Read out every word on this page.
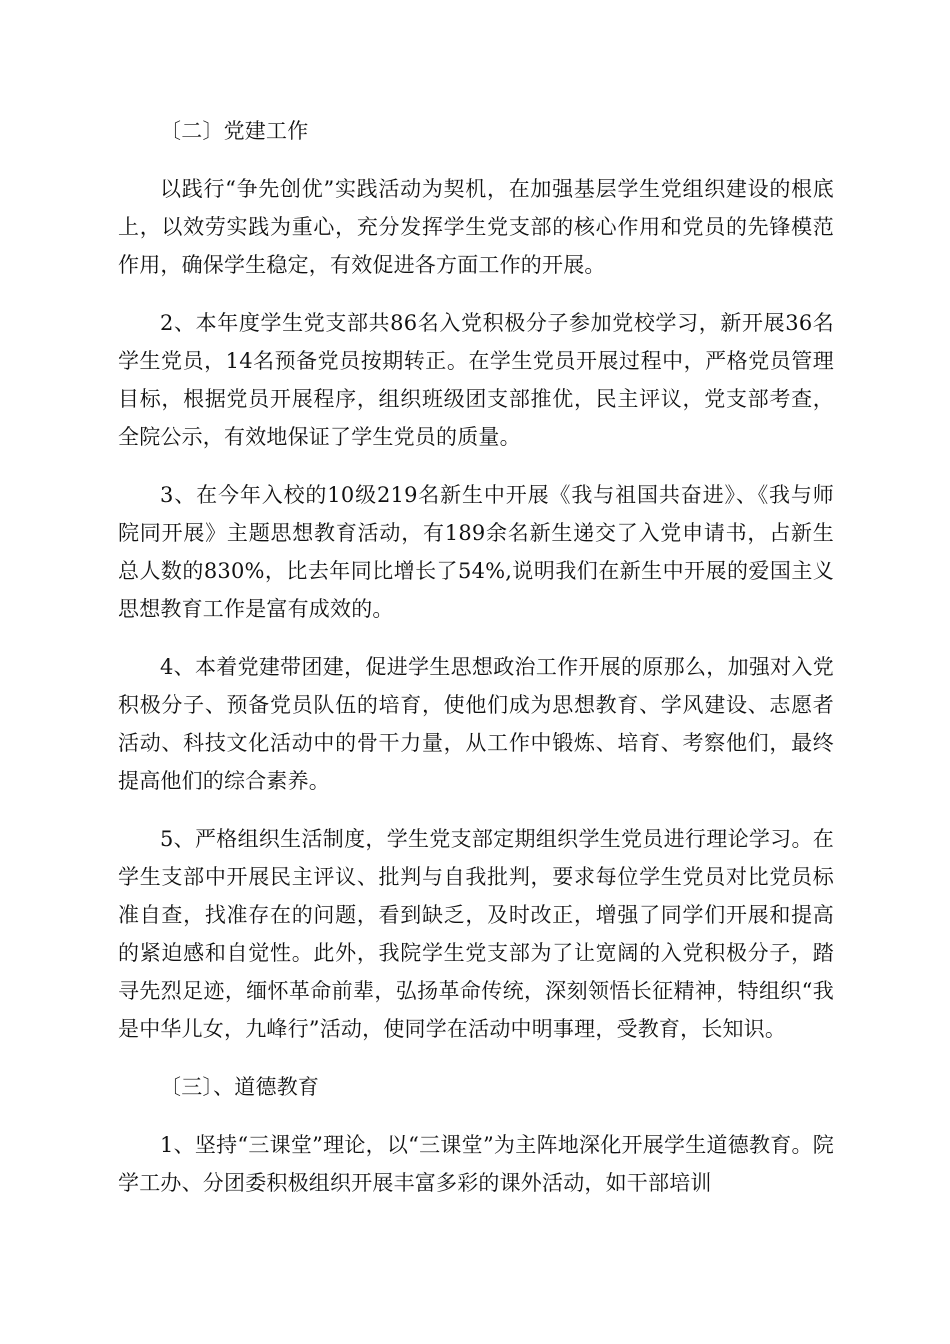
〔二〕党建工作

以践行“争先创优”实践活动为契机，在加强基层学生党组织建设的根底上，以效劳实践为重心，充分发挥学生党支部的核心作用和党员的先锋模范作用，确保学生稳定，有效促进各方面工作的开展。

2、本年度学生党支部共86名入党积极分子参加党校学习，新开展36名学生党员，14名预备党员按期转正。在学生党员开展过程中，严格党员管理目标，根据党员开展程序，组织班级团支部推优，民主评议，党支部考查，全院公示，有效地保证了学生党员的质量。

3、在今年入校的10级219名新生中开展《我与祖国共奋进》、《我与师院同开展》主题思想教育活动，有189余名新生递交了入党申请书，占新生总人数的830%，比去年同比增长了54%,说明我们在新生中开展的爱国主义思想教育工作是富有成效的。

4、本着党建带团建，促进学生思想政治工作开展的原那么，加强对入党积极分子、预备党员队伍的培育，使他们成为思想教育、学风建设、志愿者活动、科技文化活动中的骨干力量，从工作中锻炼、培育、考察他们，最终提高他们的综合素养。

5、严格组织生活制度，学生党支部定期组织学生党员进行理论学习。在学生支部中开展民主评议、批判与自我批判，要求每位学生党员对比党员标准自查，找准存在的问题，看到缺乏，及时改正，增强了同学们开展和提高的紧迫感和自觉性。此外，我院学生党支部为了让宽阔的入党积极分子，踏寻先烈足迹，缅怀革命前辈，弘扬革命传统，深刻领悟长征精神，特组织“我是中华儿女，九峰行”活动，使同学在活动中明事理，受教育，长知识。

〔三〕、道德教育

1、坚持“三课堂”理论，以“三课堂”为主阵地深化开展学生道德教育。院学工办、分团委积极组织开展丰富多彩的课外活动，如干部培训
